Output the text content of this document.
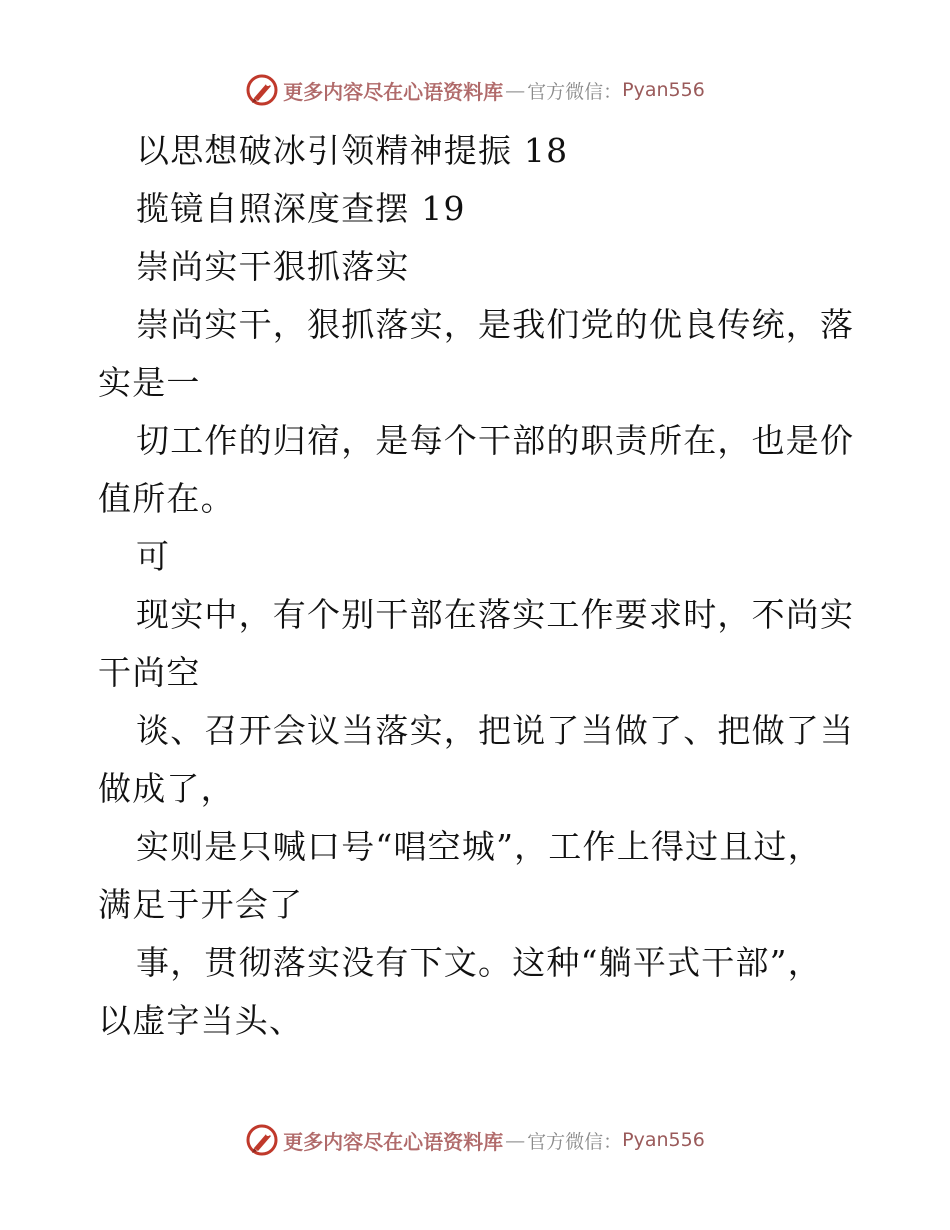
更多内容尽在心语资料库 — 官方微信： Pyan556
以思想破冰引领精神提振 18
揽镜自照深度查摆 19
崇尚实干狠抓落实
崇尚实干，狠抓落实，是我们党的优良传统，落
实是一
切工作的归宿，是每个干部的职责所在，也是价
值所在。
可
现实中，有个别干部在落实工作要求时，不尚实
干尚空
谈、召开会议当落实，把说了当做了、把做了当
做成了，
实则是只喊口号“唱空城”，工作上得过且过，
满足于开会了
事，贯彻落实没有下文。这种“躺平式干部”，
以虚字当头、
更多内容尽在心语资料库 — 官方微信： Pyan556
